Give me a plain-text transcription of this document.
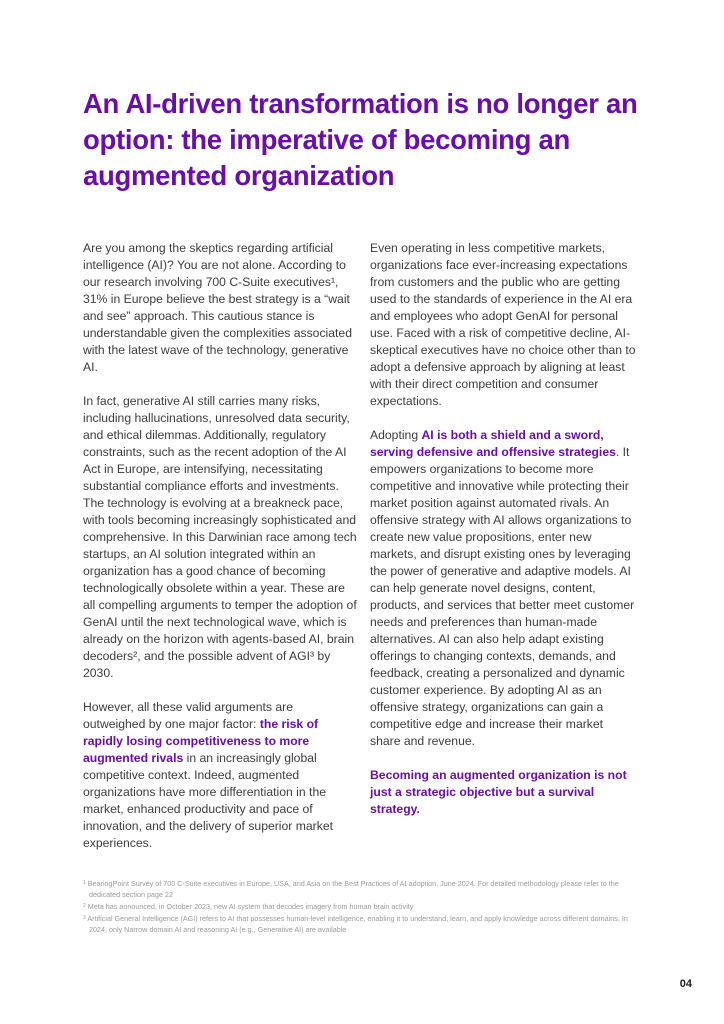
An AI-driven transformation is no longer an option: the imperative of becoming an augmented organization

Are you among the skeptics regarding artificial intelligence (AI)? You are not alone. According to our research involving 700 C-Suite executives¹, 31% in Europe believe the best strategy is a “wait and see” approach. This cautious stance is understandable given the complexities associated with the latest wave of the technology, generative AI.

In fact, generative AI still carries many risks, including hallucinations, unresolved data security, and ethical dilemmas. Additionally, regulatory constraints, such as the recent adoption of the AI Act in Europe, are intensifying, necessitating substantial compliance efforts and investments. The technology is evolving at a breakneck pace, with tools becoming increasingly sophisticated and comprehensive. In this Darwinian race among tech startups, an AI solution integrated within an organization has a good chance of becoming technologically obsolete within a year. These are all compelling arguments to temper the adoption of GenAI until the next technological wave, which is already on the horizon with agents-based AI, brain decoders², and the possible advent of AGI³ by 2030.

However, all these valid arguments are outweighed by one major factor: the risk of rapidly losing competitiveness to more augmented rivals in an increasingly global competitive context. Indeed, augmented organizations have more differentiation in the market, enhanced productivity and pace of innovation, and the delivery of superior market experiences.

Even operating in less competitive markets, organizations face ever-increasing expectations from customers and the public who are getting used to the standards of experience in the AI era and employees who adopt GenAI for personal use. Faced with a risk of competitive decline, AI-skeptical executives have no choice other than to adopt a defensive approach by aligning at least with their direct competition and consumer expectations.

Adopting AI is both a shield and a sword, serving defensive and offensive strategies. It empowers organizations to become more competitive and innovative while protecting their market position against automated rivals. An offensive strategy with AI allows organizations to create new value propositions, enter new markets, and disrupt existing ones by leveraging the power of generative and adaptive models. AI can help generate novel designs, content, products, and services that better meet customer needs and preferences than human-made alternatives. AI can also help adapt existing offerings to changing contexts, demands, and feedback, creating a personalized and dynamic customer experience. By adopting AI as an offensive strategy, organizations can gain a competitive edge and increase their market share and revenue.

Becoming an augmented organization is not just a strategic objective but a survival strategy.

$^1$ BearingPoint Survey of 700 C-Suite executives in Europe, USA, and Asia on the Best Practices of AI adoption, June 2024. For detailed methodology please refer to the dedicated section page 22
$^2$ Meta has announced, in October 2023, new AI system that decodes imagery from human brain activity
$^3$ Artificial General Intelligence (AGI) refers to AI that possesses human-level intelligence, enabling it to understand, learn, and apply knowledge across different domains. In 2024, only Narrow domain AI and reasoning AI (e.g., Generative AI) are available
04
